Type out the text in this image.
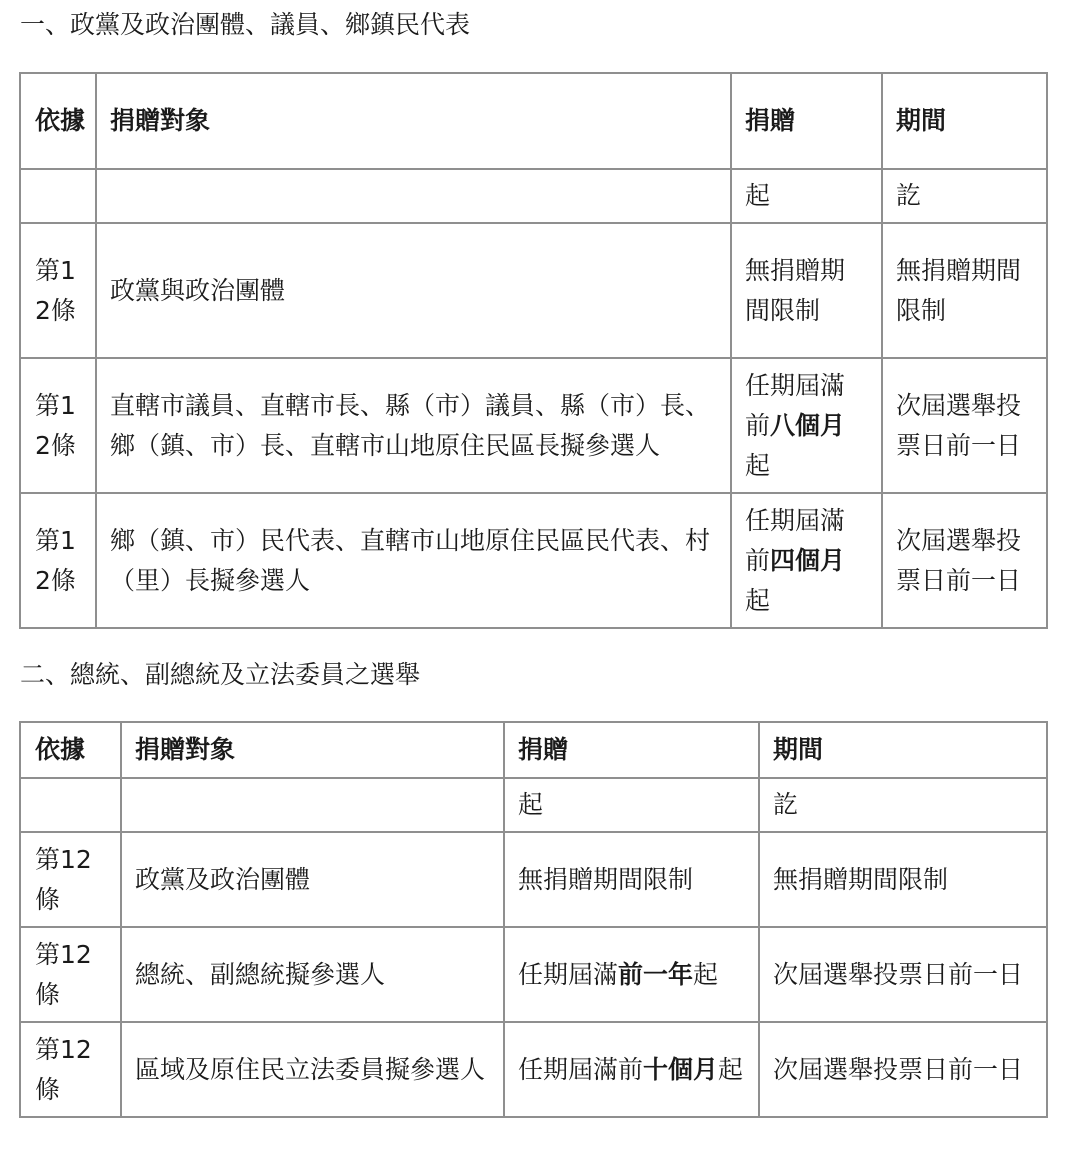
一、政黨及政治團體、議員、鄉鎮民代表
依據	捐贈對象	捐贈	期間
		起	訖
第12條	政黨與政治團體	無捐贈期間限制	無捐贈期間限制
第12條	直轄市議員、直轄市長、縣（市）議員、縣（市）長、鄉（鎮、市）長、直轄市山地原住民區長擬參選人	任期屆滿前八個月起	次屆選舉投票日前一日
第12條	鄉（鎮、市）民代表、直轄市山地原住民區民代表、村（里）長擬參選人	任期屆滿前四個月起	次屆選舉投票日前一日
二、總統、副總統及立法委員之選舉
依據	捐贈對象	捐贈	期間
		起	訖
第12條	政黨及政治團體	無捐贈期間限制	無捐贈期間限制
第12條	總統、副總統擬參選人	任期屆滿前一年起	次屆選舉投票日前一日
第12條	區域及原住民立法委員擬參選人	任期屆滿前十個月起	次屆選舉投票日前一日
